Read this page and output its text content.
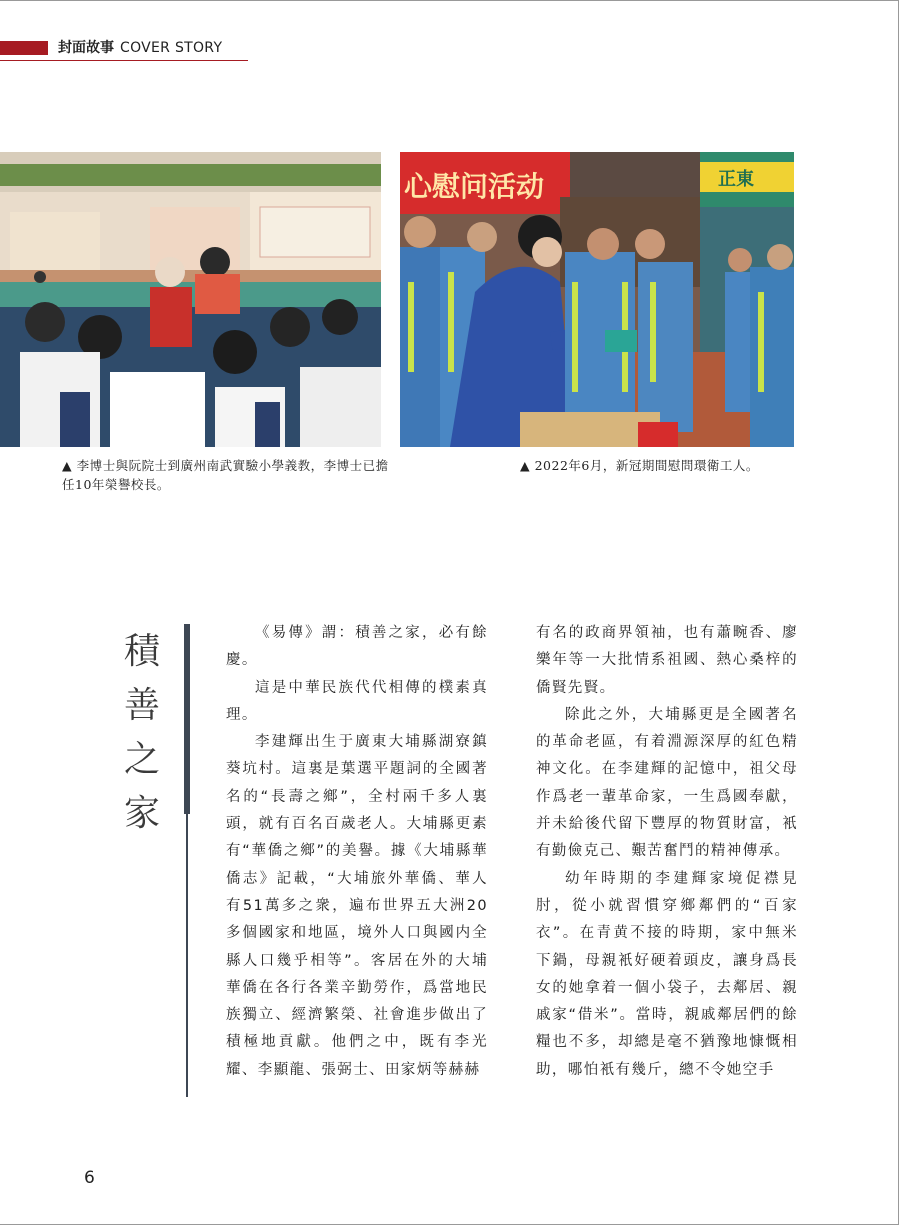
封面故事 COVER STORY
心慰问活动	正東
▲ 李博士與阮院士到廣州南武實驗小學義教，李博士已擔任10年榮譽校長。
▲ 2022年6月，新冠期間慰問環衛工人。
積
善
之
家

《易傳》謂：積善之家，必有餘慶。

這是中華民族代代相傳的樸素真理。

李建輝出生于廣東大埔縣湖寮鎮葵坑村。這裏是葉選平題詞的全國著名的“長壽之鄉”，全村兩千多人裏頭，就有百名百歲老人。大埔縣更素有“華僑之鄉”的美譽。據《大埔縣華僑志》記載，“大埔旅外華僑、華人有51萬多之衆，遍布世界五大洲20多個國家和地區，境外人口與國内全縣人口幾乎相等”。客居在外的大埔華僑在各行各業辛勤勞作，爲當地民族獨立、經濟繁榮、社會進步做出了積極地貢獻。他們之中，既有李光耀、李顯龍、張弼士、田家炳等赫赫

有名的政商界領袖，也有蕭畹香、廖樂年等一大批情系祖國、熱心桑梓的僑賢先賢。

除此之外，大埔縣更是全國著名的革命老區，有着淵源深厚的紅色精神文化。在李建輝的記憶中，祖父母作爲老一輩革命家，一生爲國奉獻，并未給後代留下豐厚的物質財富，衹有勤儉克己、艱苦奮鬥的精神傳承。

幼年時期的李建輝家境促襟見肘，從小就習慣穿鄉鄰們的“百家衣”。在青黄不接的時期，家中無米下鍋，母親衹好硬着頭皮，讓身爲長女的她拿着一個小袋子，去鄰居、親戚家“借米”。當時，親戚鄰居們的餘糧也不多，却總是毫不猶豫地慷慨相助，哪怕衹有幾斤，總不令她空手

6
